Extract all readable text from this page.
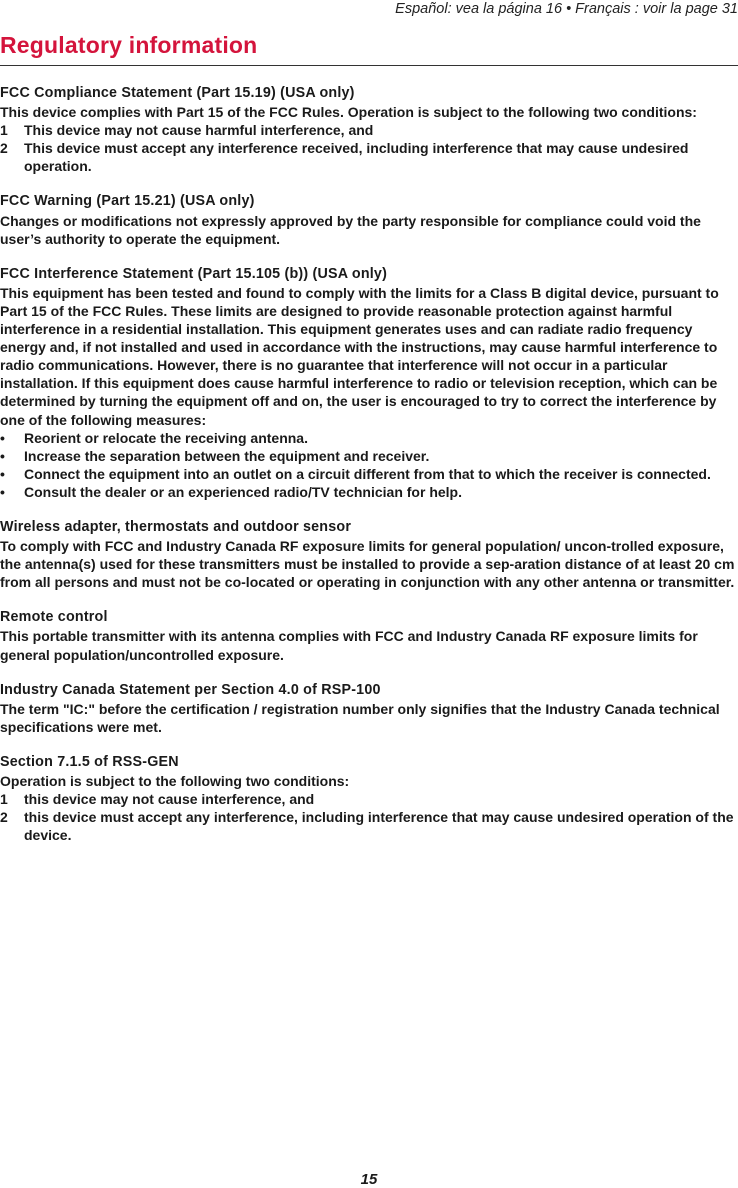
Español: vea la página 16 • Français : voir la page 31
Regulatory information
FCC Compliance Statement (Part 15.19) (USA only)

This device complies with Part 15 of the FCC Rules. Operation is subject to the following two conditions:

1	This device may not cause harmful interference, and
2	This device must accept any interference received, including interference that may cause undesired operation.
FCC Warning (Part 15.21) (USA only)

Changes or modifications not expressly approved by the party responsible for compliance could void the user’s authority to operate the equipment.

FCC Interference Statement (Part 15.105 (b)) (USA only)

This equipment has been tested and found to comply with the limits for a Class B digital device, pursuant to Part 15 of the FCC Rules. These limits are designed to provide reasonable protection against harmful interference in a residential installation. This equipment generates uses and can radiate radio frequency energy and, if not installed and used in accordance with the instructions, may cause harmful interference to radio communications. However, there is no guarantee that interference will not occur in a particular installation. If this equipment does cause harmful interference to radio or television reception, which can be determined by turning the equipment off and on, the user is encouraged to try to correct the interference by one of the following measures:

•	Reorient or relocate the receiving antenna.
•	Increase the separation between the equipment and receiver.
•	Connect the equipment into an outlet on a circuit different from that to which the receiver is connected.
•	Consult the dealer or an experienced radio/TV technician for help.
Wireless adapter, thermostats and outdoor sensor

To comply with FCC and Industry Canada RF exposure limits for general population/ uncon-trolled exposure, the antenna(s) used for these transmitters must be installed to provide a sep-aration distance of at least 20 cm from all persons and must not be co-located or operating in conjunction with any other antenna or transmitter.

Remote control

This portable transmitter with its antenna complies with FCC and Industry Canada RF exposure limits for general population/uncontrolled exposure.

Industry Canada Statement per Section 4.0 of RSP-100

The term "IC:" before the certification / registration number only signifies that the Industry Canada technical specifications were met.

Section 7.1.5 of RSS-GEN

Operation is subject to the following two conditions:

1	this device may not cause interference, and
2	this device must accept any interference, including interference that may cause undesired operation of the device.
15
